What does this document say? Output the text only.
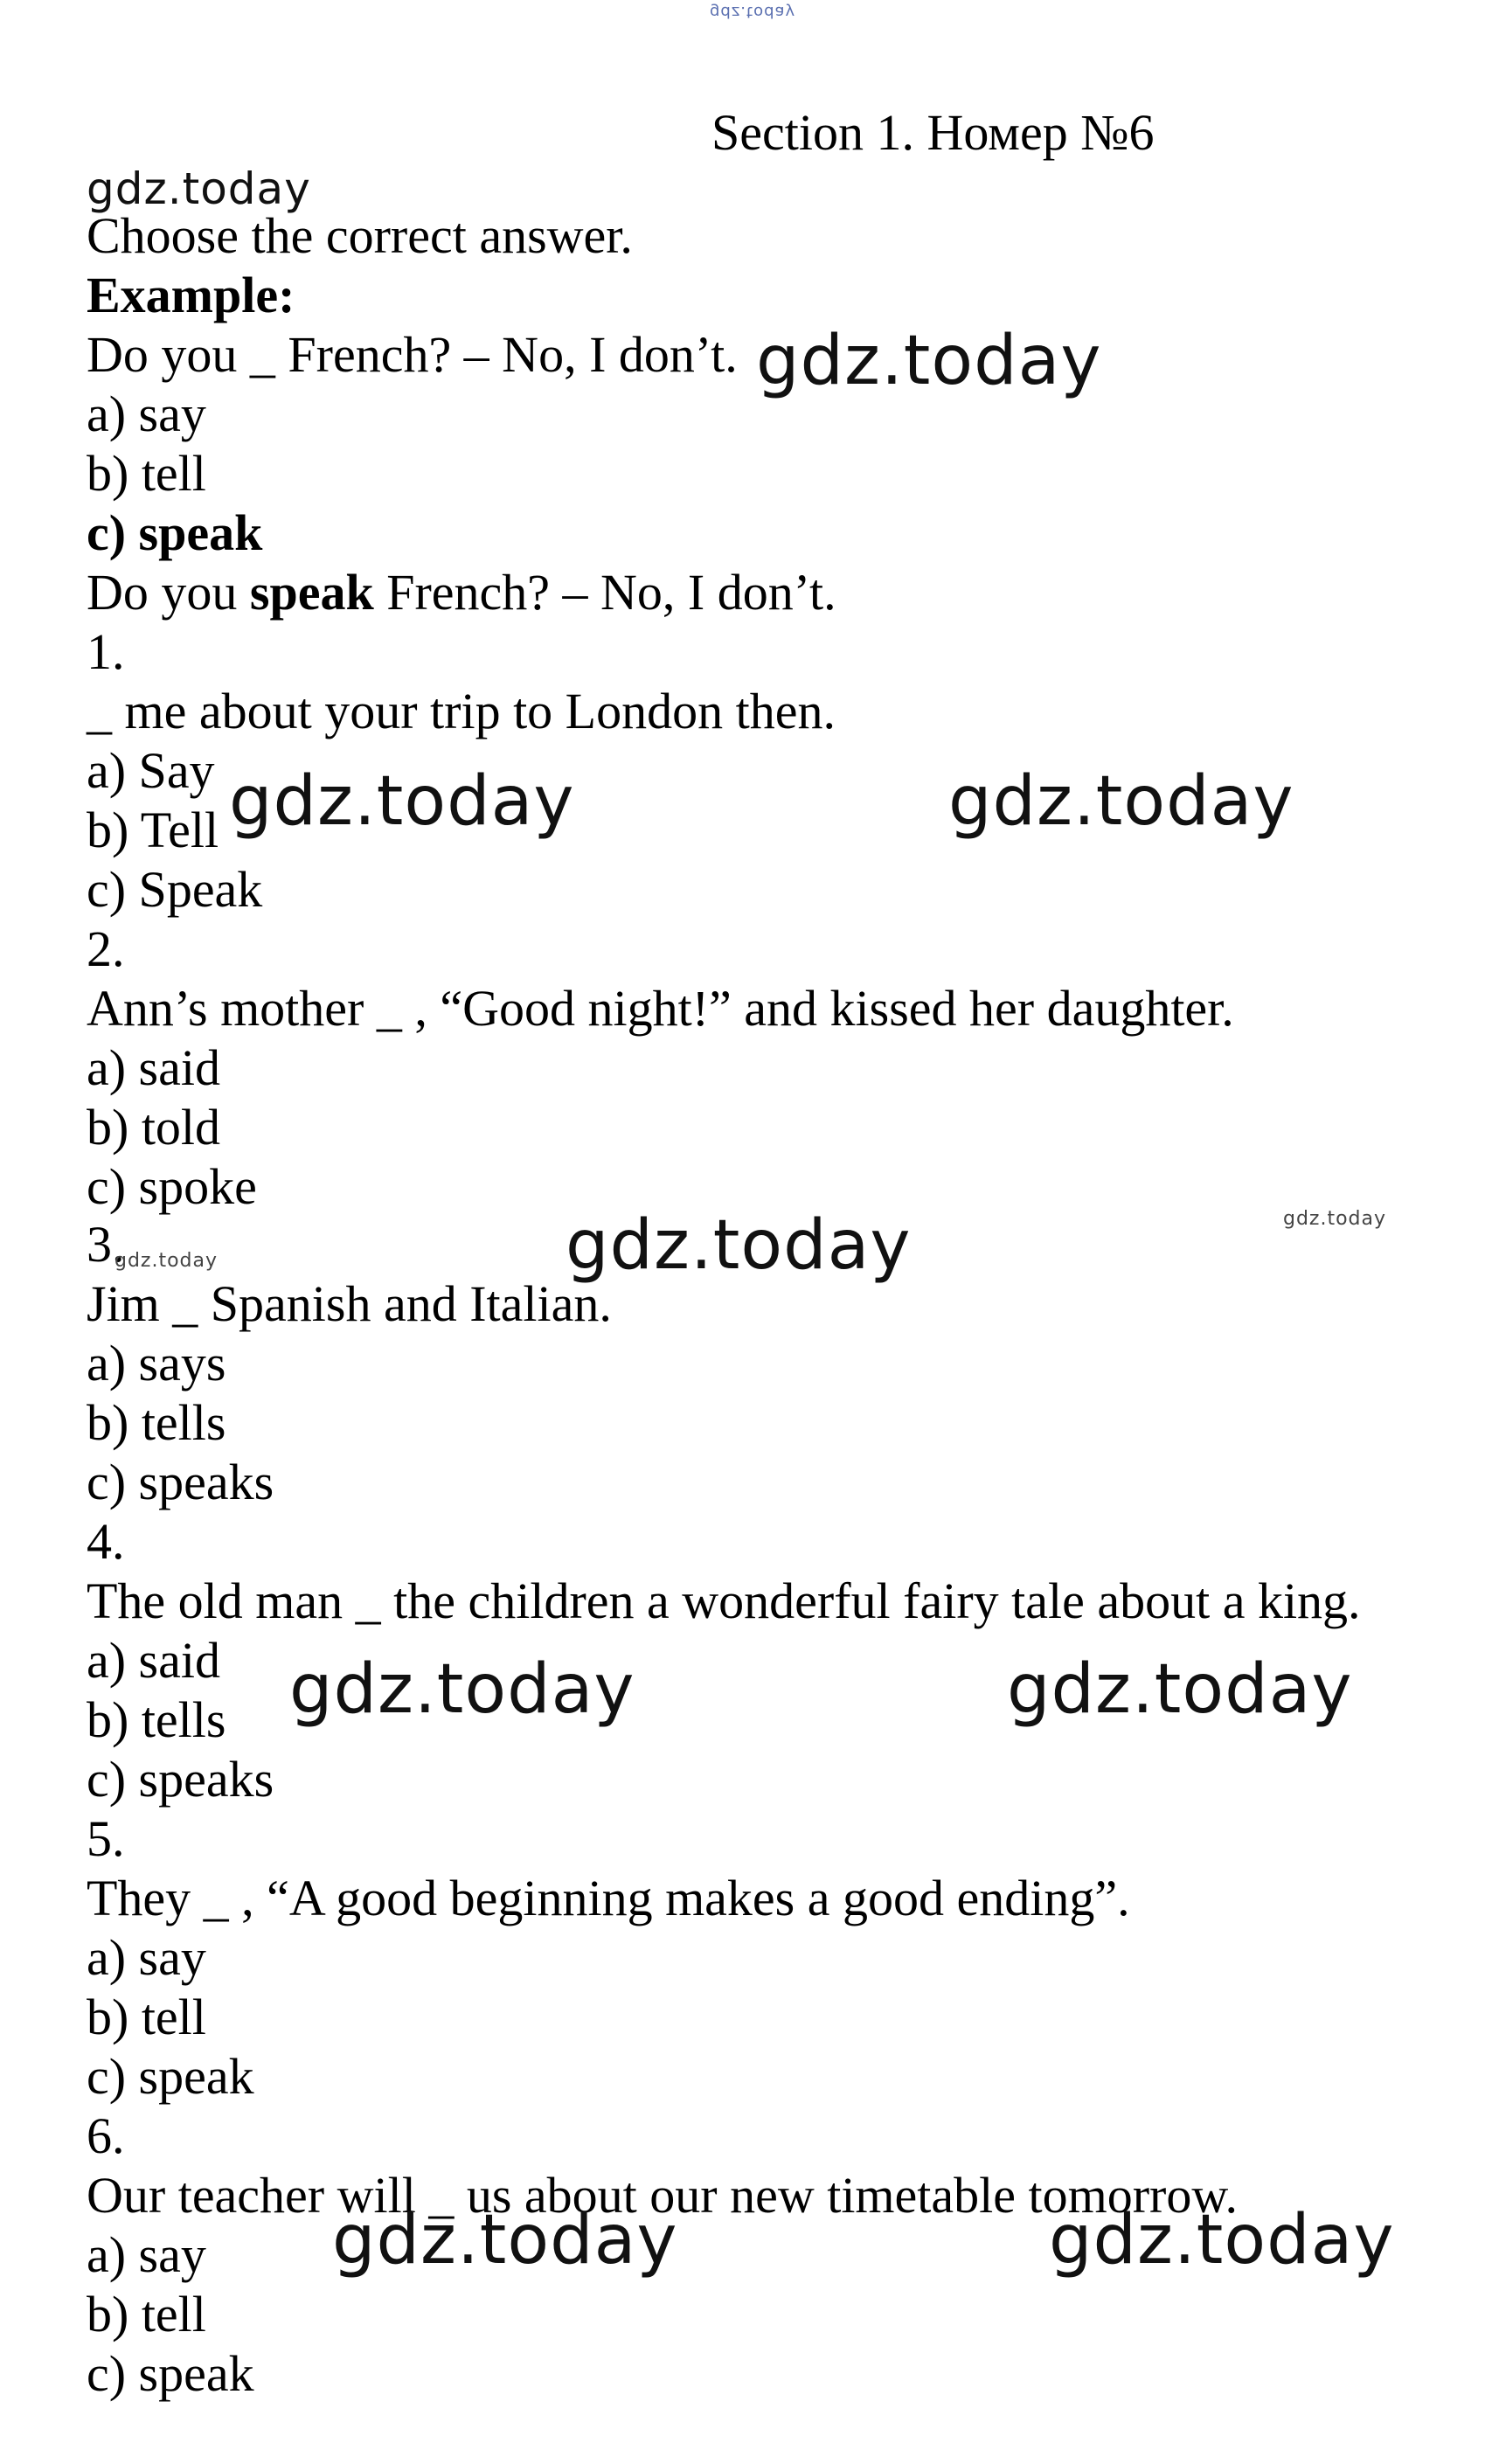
gdz.today
Section 1. Номер №6
gdz.today
Choose the correct answer.
Example:
Do you _ French? – No, I don’t.
a) say
b) tell
c) speak
Do you speak French? – No, I don’t.
gdz.today
1.
_ me about your trip to London then.
a) Say
b) Tell
c) Speak
gdz.today	gdz.today
2.
Ann’s mother _ , “Good night!” and kissed her daughter.
a) said
b) told
c) spoke
3.
gdz.today	gdz.today	gdz.today
Jim _ Spanish and Italian.
a) says
b) tells
c) speaks
4.
The old man _ the children a wonderful fairy tale about a king.
a) said
b) tells
c) speaks
gdz.today	gdz.today
5.
They _ , “A good beginning makes a good ending”.
a) say
b) tell
c) speak
6.
Our teacher will _ us about our new timetable tomorrow.
a) say
b) tell
c) speak
gdz.today	gdz.today
